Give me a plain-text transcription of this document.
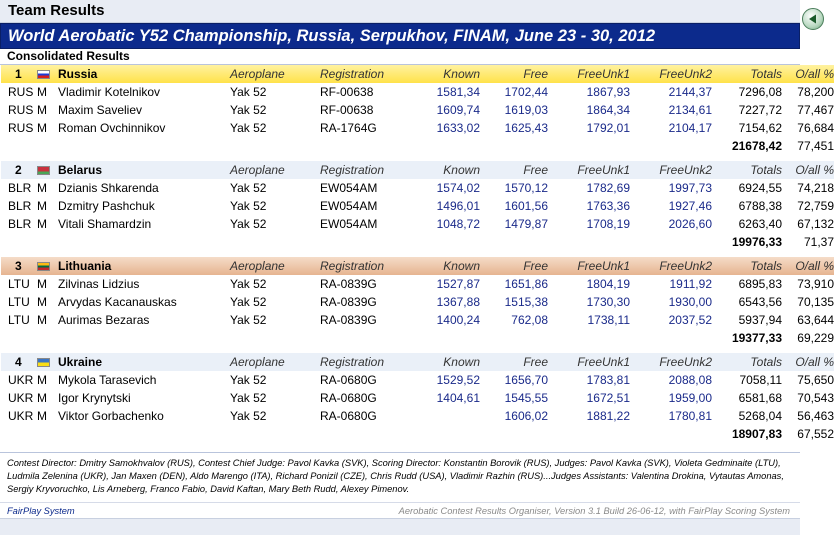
Team Results
World Aerobatic Y52 Championship, Russia, Serpukhov, FINAM, June 23 - 30, 2012
Consolidated Results
1		Russia	Aeroplane	Registration	Known	Free	FreeUnk1	FreeUnk2	Totals	O/all %
RUS	M	Vladimir Kotelnikov	Yak 52	RF-00638	1581,34	1702,44	1867,93	2144,37	7296,08	78,200
RUS	M	Maxim Saveliev	Yak 52	RF-00638	1609,74	1619,03	1864,34	2134,61	7227,72	77,467
RUS	M	Roman Ovchinnikov	Yak 52	RA-1764G	1633,02	1625,43	1792,01	2104,17	7154,62	76,684
									21678,42	77,451

2		Belarus	Aeroplane	Registration	Known	Free	FreeUnk1	FreeUnk2	Totals	O/all %
BLR	M	Dzianis Shkarenda	Yak 52	EW054AM	1574,02	1570,12	1782,69	1997,73	6924,55	74,218
BLR	M	Dzmitry Pashchuk	Yak 52	EW054AM	1496,01	1601,56	1763,36	1927,46	6788,38	72,759
BLR	M	Vitali Shamardzin	Yak 52	EW054AM	1048,72	1479,87	1708,19	2026,60	6263,40	67,132
									19976,33	71,37

3		Lithuania	Aeroplane	Registration	Known	Free	FreeUnk1	FreeUnk2	Totals	O/all %
LTU	M	Zilvinas Lidzius	Yak 52	RA-0839G	1527,87	1651,86	1804,19	1911,92	6895,83	73,910
LTU	M	Arvydas Kacanauskas	Yak 52	RA-0839G	1367,88	1515,38	1730,30	1930,00	6543,56	70,135
LTU	M	Aurimas Bezaras	Yak 52	RA-0839G	1400,24	762,08	1738,11	2037,52	5937,94	63,644
									19377,33	69,229

4		Ukraine	Aeroplane	Registration	Known	Free	FreeUnk1	FreeUnk2	Totals	O/all %
UKR	M	Mykola Tarasevich	Yak 52	RA-0680G	1529,52	1656,70	1783,81	2088,08	7058,11	75,650
UKR	M	Igor Krynytski	Yak 52	RA-0680G	1404,61	1545,55	1672,51	1959,00	6581,68	70,543
UKR	M	Viktor Gorbachenko	Yak 52	RA-0680G		1606,02	1881,22	1780,81	5268,04	56,463
									18907,83	67,552
Contest Director: Dmitry Samokhvalov (RUS), Contest Chief Judge: Pavol Kavka (SVK), Scoring Director: Konstantin Borovik (RUS), Judges: Pavol Kavka (SVK), Violeta Gedminaite (LTU),
Ludmila Zelenina (UKR), Jan Maxen (DEN), Aldo Marengo (ITA), Richard Ponizil (CZE), Chris Rudd (USA), Vladimir Razhin (RUS)...Judges Assistants: Valentina Drokina, Vytautas Amonas,
Sergiy Kryvoruchko, Lis Arneberg, Franco Fabio, David Kaftan, Mary Beth Rudd, Alexey Pimenov.
FairPlay System	Aerobatic Contest Results Organiser, Version 3.1 Build 26-06-12, with FairPlay Scoring System
